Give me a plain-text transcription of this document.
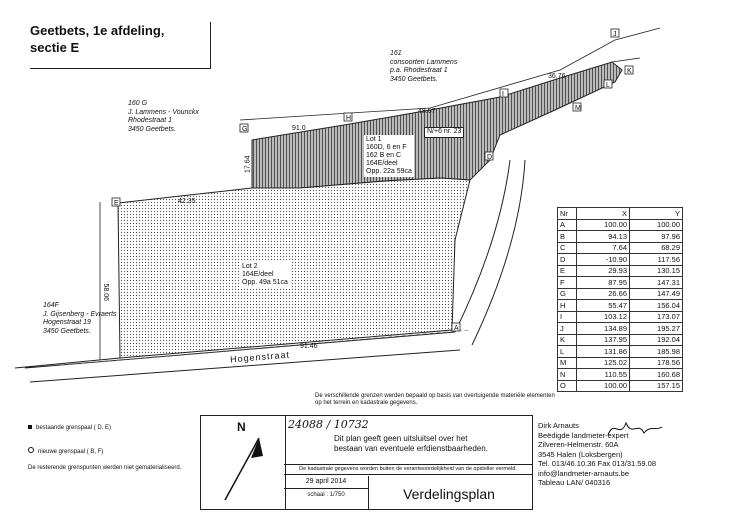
Geetbets, 1e afdeling,
sectie E
G
H
I
J
K
L
M
D
A
E
91.0
48.67
36.76
17.64
42.35
91.46
58.06
N/+6 nr. 23
161
consoorten Lammens
p.a. Rhodestraat 1
3450 Geetbets.
160 G
J. Lammens - Vounckx
Rhodestraat 1
3450 Geetbets.
164F
J. Gijsenberg - Evraerts
Hogenstraat 19
3450 Geetbets.
Lot 1
160D, 6 en F
162 B en C
164E/deel
Opp. 22a 59ca
Lot 2
164E/deel
Opp. 49a 51ca
Hogenstraat
Nr	X	Y
A	100.00	100.00
B	94.13	97.96
C	7.64	68.29
D	-10.90	117.56
E	29.93	130.15
F	87.95	147.31
G	26.66	147.49
H	55.47	156.04
I	103.12	173.07
J	134.89	195.27
K	137.95	192.04
L	131.86	185.98
M	125.02	178.56
N	110.55	160.68
O	100.00	157.15
De verschillende grenzen werden bepaald op basis van overtuigende materiële elementen op het terrein en kadastrale gegevens.
bestaande grenspaal ( D, E)
nieuwe grenspaal ( B, F)
De resterende grenspunten werden niet gematerialiseerd.
N	24088 / 10732
Dit plan geeft geen uitsluitsel over het
bestaan van eventuele erfdienstbaarheden.
De kadastrale gegevens worden buiten de verantwoordelijkheid van de opsteller vermeld.
29 april 2014
schaal : 1/750	Verdelingsplan
Dirk Arnauts
Beëdigde landmeter-expert
Zilveren-Helmenstr. 60A
3545 Halen (Loksbergen)
Tel. 013/46.10.36 Fax 013/31.59.08
info@landmeter-arnauts.be
Tableau LAN/ 040316
